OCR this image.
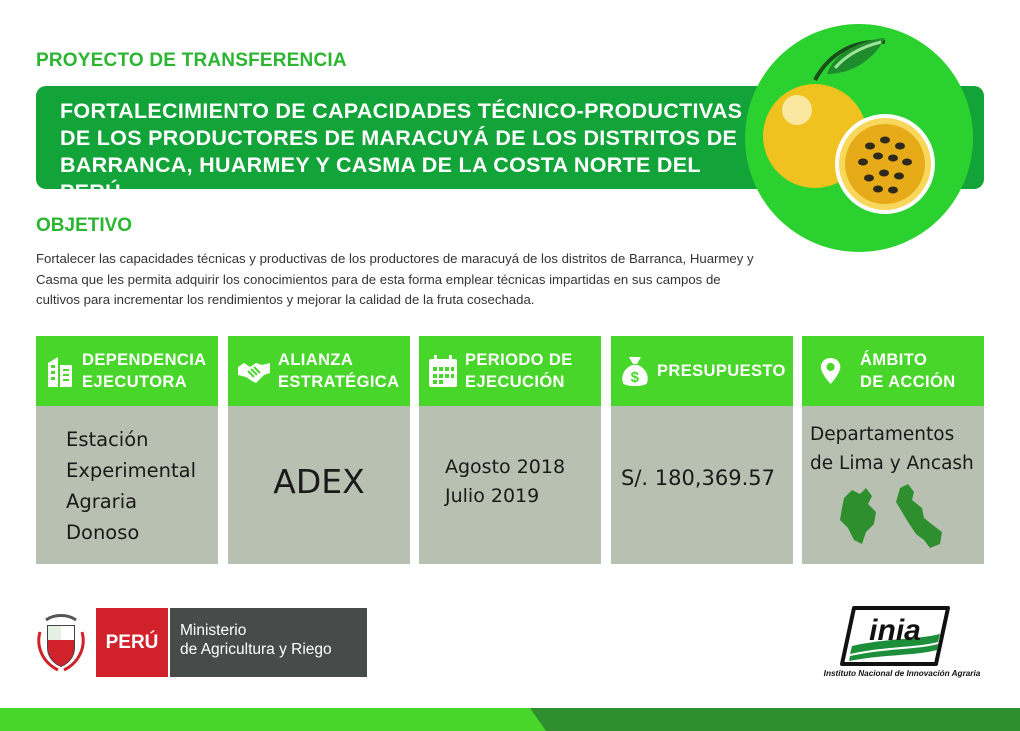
PROYECTO DE TRANSFERENCIA
FORTALECIMIENTO DE CAPACIDADES TÉCNICO-PRODUCTIVAS DE LOS PRODUCTORES DE MARACUYÁ DE LOS DISTRITOS DE BARRANCA, HUARMEY Y CASMA DE LA COSTA NORTE DEL PERÚ
OBJETIVO

Fortalecer las capacidades técnicas y productivas de los productores de maracuyá de los distritos de Barranca, Huarmey y Casma que les permita adquirir los conocimientos para de esta forma emplear técnicas impartidas en sus campos de cultivos para incrementar los rendimientos y mejorar la calidad de la fruta cosechada.

DEPENDENCIA
EJECUTORA
Estación
Experimental
Agraria
Donoso
ALIANZA
ESTRATÉGICA
ADEX
PERIODO DE
EJECUCIÓN
Agosto 2018
Julio 2019
$ PRESUPUESTO
S/. 180,369.57
ÁMBITO
DE ACCIÓN
Departamentos
de Lima y Ancash
PERÚ
Ministerio
de Agricultura y Riego
inia

Instituto Nacional de Innovación Agraria
